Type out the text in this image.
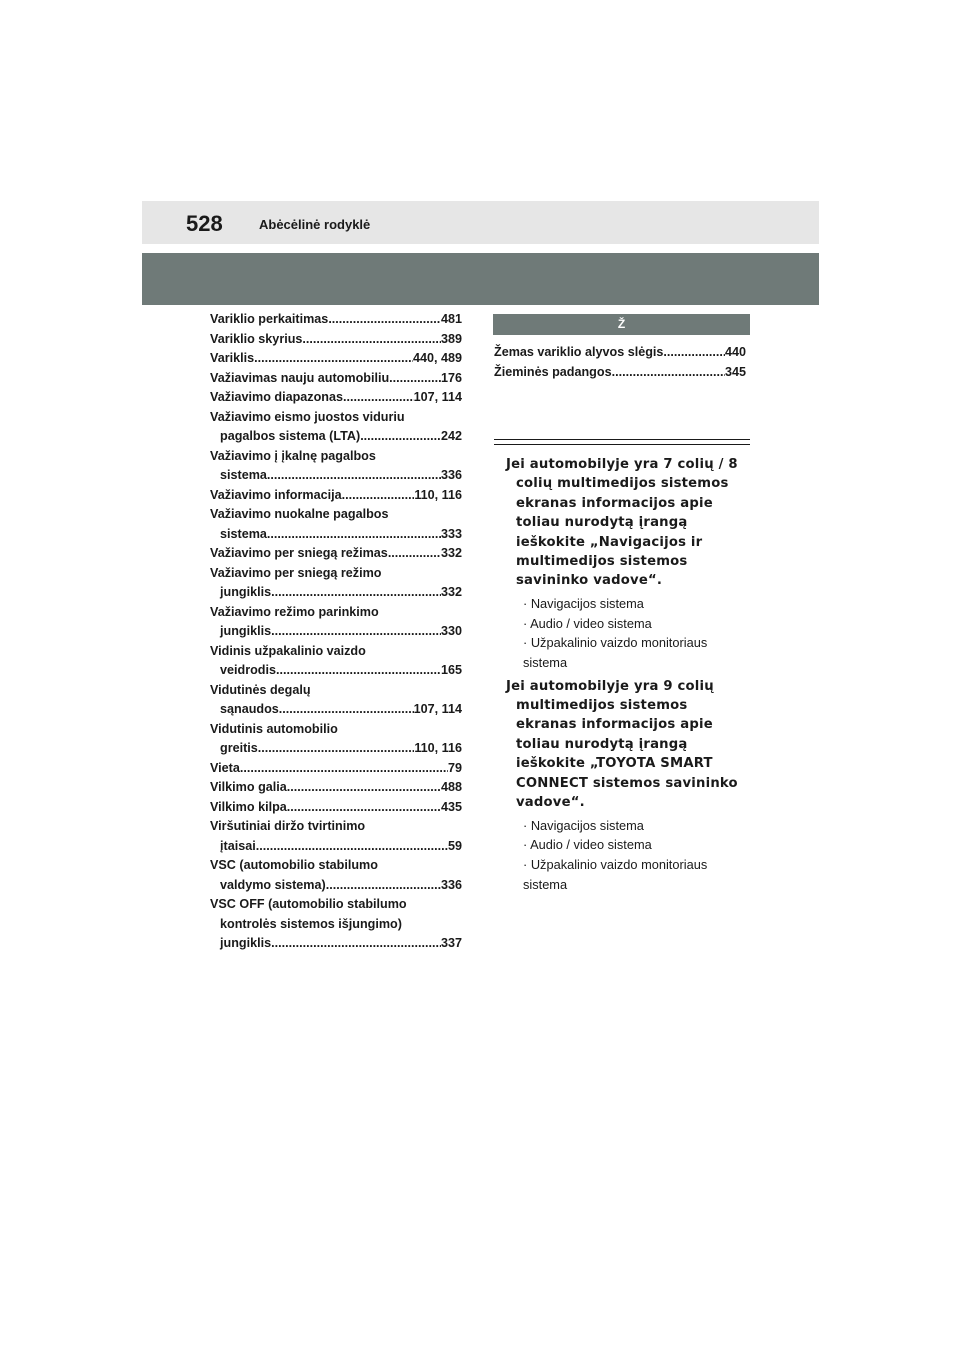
528	Abėcėlinė rodyklė
Variklio perkaitimas .....	481
Variklio skyrius .....	389
Variklis .....	440, 489
Važiavimas nauju automobiliu .....	176
Važiavimo diapazonas .....	107, 114
Važiavimo eismo juostos viduriu
pagalbos sistema (LTA) .....	242
Važiavimo į įkalnę pagalbos
sistema .....	336
Važiavimo informacija .....	110, 116
Važiavimo nuokalne pagalbos
sistema .....	333
Važiavimo per sniegą režimas .....	332
Važiavimo per sniegą režimo
jungiklis .....	332
Važiavimo režimo parinkimo
jungiklis .....	330
Vidinis užpakalinio vaizdo
veidrodis .....	165
Vidutinės degalų
sąnaudos .....	107, 114
Vidutinis automobilio
greitis .....	110, 116
Vieta .....	79
Vilkimo galia .....	488
Vilkimo kilpa .....	435
Viršutiniai diržo tvirtinimo
įtaisai .....	59
VSC (automobilio stabilumo
valdymo sistema) .....	336
VSC OFF (automobilio stabilumo
kontrolės sistemos išjungimo)
jungiklis .....	337
Ž
Žemas variklio alyvos slėgis .....	440
Žieminės padangos .....	345
Jei automobilyje yra 7 colių / 8 colių multimedijos sistemos ekranas informacijos apie toliau nurodytą įrangą ieškokite „Navigacijos ir multimedijos sistemos savininko vadove“.
· Navigacijos sistema
· Audio / video sistema
· Užpakalinio vaizdo monitoriaus sistema
Jei automobilyje yra 9 colių multimedijos sistemos ekranas informacijos apie toliau nurodytą įrangą ieškokite „TOYOTA SMART CONNECT sistemos savininko vadove“.
· Navigacijos sistema
· Audio / video sistema
· Užpakalinio vaizdo monitoriaus sistema
